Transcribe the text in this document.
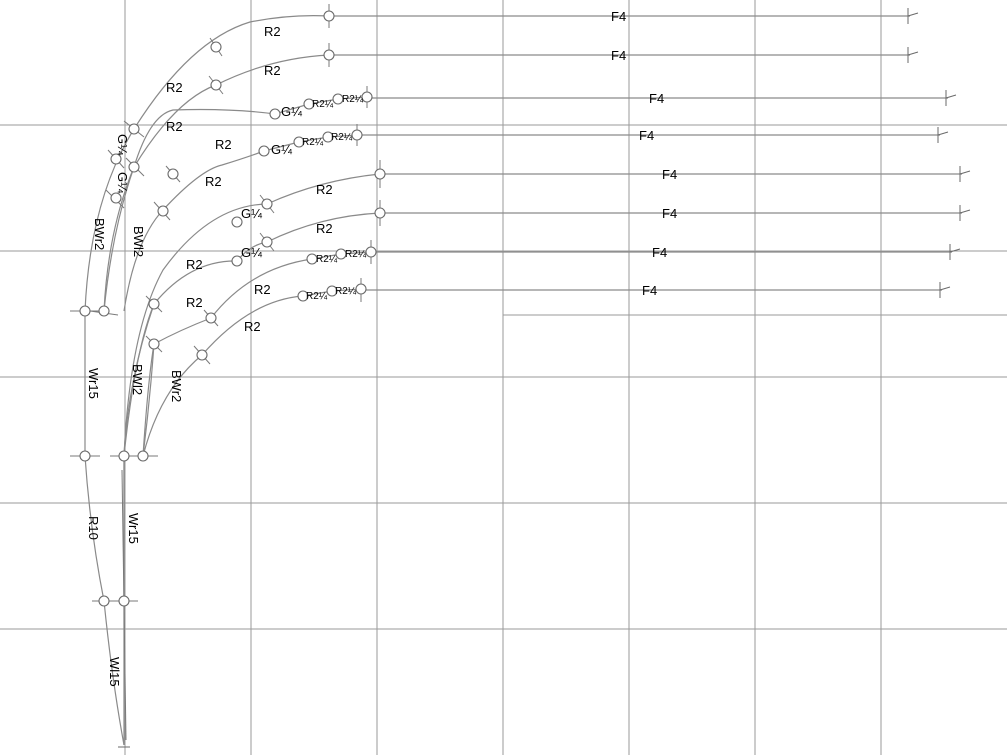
R2
R2
R2
R2
R2
R2
R2
R2
R2
R2
R2
R2
G¼
G¼
G¼
G¼
G¼
G¼
R2¼ R2¼
R2¼ R2¼
R2¼ R2¼
R2¼ R2¼
F4
F4
F4
F4
F4
F4
F4
F4
BWr2 BWl2
Wr15 BWl2 BWr2
R10 Wr15
Wl15
